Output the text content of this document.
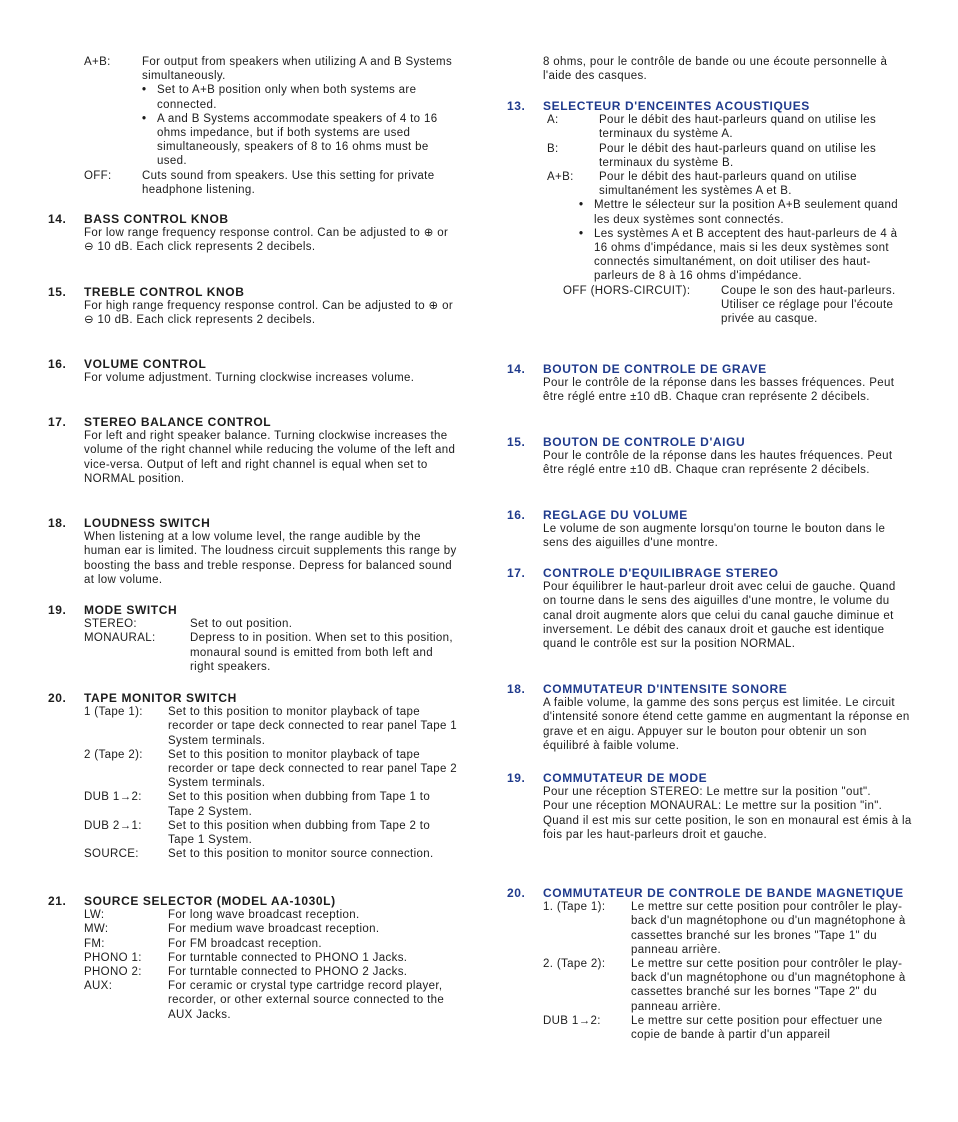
A+B:	For output from speakers when utilizing A and B Systems simultaneously.
• Set to A+B position only when both systems are connected.
• A and B Systems accommodate speakers of 4 to 16 ohms impedance, but if both systems are used simultaneously, speakers of 8 to 16 ohms must be used.
OFF:	Cuts sound from speakers. Use this setting for private headphone listening.
14.	BASS CONTROL KNOB

For low range frequency response control. Can be adjusted to ⊕ or ⊖ 10 dB. Each click represents 2 decibels.

15.	TREBLE CONTROL KNOB

For high range frequency response control. Can be adjusted to ⊕ or ⊖ 10 dB. Each click represents 2 decibels.

16.	VOLUME CONTROL

For volume adjustment. Turning clockwise increases volume.

17.	STEREO BALANCE CONTROL

For left and right speaker balance. Turning clockwise increases the volume of the right channel while reducing the volume of the left and vice-versa. Output of left and right channel is equal when set to NORMAL position.

18.	LOUDNESS SWITCH

When listening at a low volume level, the range audible by the human ear is limited. The loudness circuit supplements this range by boosting the bass and treble response. Depress for balanced sound at low volume.

19.	MODE SWITCH
STEREO:	Set to out position.
MONAURAL:	Depress to in position. When set to this position, monaural sound is emitted from both left and right speakers.
20.	TAPE MONITOR SWITCH
1 (Tape 1):	Set to this position to monitor playback of tape recorder or tape deck connected to rear panel Tape 1 System terminals.
2 (Tape 2):	Set to this position to monitor playback of tape recorder or tape deck connected to rear panel Tape 2 System terminals.
DUB 1→2:	Set to this position when dubbing from Tape 1 to Tape 2 System.
DUB 2→1:	Set to this position when dubbing from Tape 2 to Tape 1 System.
SOURCE:	Set to this position to monitor source connection.
21.	SOURCE SELECTOR (MODEL AA-1030L)
LW:	For long wave broadcast reception.
MW:	For medium wave broadcast reception.
FM:	For FM broadcast reception.
PHONO 1:	For turntable connected to PHONO 1 Jacks.
PHONO 2:	For turntable connected to PHONO 2 Jacks.
AUX:	For ceramic or crystal type cartridge record player, recorder, or other external source connected to the AUX Jacks.

8 ohms, pour le contrôle de bande ou une écoute personnelle à l'aide des casques.

13.	SELECTEUR D'ENCEINTES ACOUSTIQUES
A:	Pour le débit des haut-parleurs quand on utilise les terminaux du système A.
B:	Pour le débit des haut-parleurs quand on utilise les terminaux du système B.
A+B:	Pour le débit des haut-parleurs quand on utilise simultanément les systèmes A et B.
• Mettre le sélecteur sur la position A+B seulement quand les deux systèmes sont connectés.
• Les systèmes A et B acceptent des haut-parleurs de 4 à 16 ohms d'impédance, mais si les deux systèmes sont connectés simultanément, on doit utiliser des haut-parleurs de 8 à 16 ohms d'impédance.
OFF (HORS-CIRCUIT):	Coupe le son des haut-parleurs. Utiliser ce réglage pour l'écoute privée au casque.
14.	BOUTON DE CONTROLE DE GRAVE

Pour le contrôle de la réponse dans les basses fréquences. Peut être réglé entre ±10 dB. Chaque cran représente 2 décibels.

15.	BOUTON DE CONTROLE D'AIGU

Pour le contrôle de la réponse dans les hautes fréquences. Peut être réglé entre ±10 dB. Chaque cran représente 2 décibels.

16.	REGLAGE DU VOLUME

Le volume de son augmente lorsqu'on tourne le bouton dans le sens des aiguilles d'une montre.

17.	CONTROLE D'EQUILIBRAGE STEREO

Pour équilibrer le haut-parleur droit avec celui de gauche. Quand on tourne dans le sens des aiguilles d'une montre, le volume du canal droit augmente alors que celui du canal gauche diminue et inversement. Le débit des canaux droit et gauche est identique quand le contrôle est sur la position NORMAL.

18.	COMMUTATEUR D'INTENSITE SONORE

A faible volume, la gamme des sons perçus est limitée. Le circuit d'intensité sonore étend cette gamme en augmentant la réponse en grave et en aigu. Appuyer sur le bouton pour obtenir un son équilibré à faible volume.

19.	COMMUTATEUR DE MODE

Pour une réception STEREO: Le mettre sur la position "out".

Pour une réception MONAURAL: Le mettre sur la position "in". Quand il est mis sur cette position, le son en monaural est émis à la fois par les haut-parleurs droit et gauche.

20.	COMMUTATEUR DE CONTROLE DE BANDE MAGNETIQUE
1. (Tape 1):	Le mettre sur cette position pour contrôler le play-back d'un magnétophone ou d'un magnétophone à cassettes branché sur les brones "Tape 1" du panneau arrière.
2. (Tape 2):	Le mettre sur cette position pour contrôler le play-back d'un magnétophone ou d'un magnétophone à cassettes branché sur les bornes "Tape 2" du panneau arrière.
DUB 1→2:	Le mettre sur cette position pour effectuer une copie de bande à partir d'un appareil
